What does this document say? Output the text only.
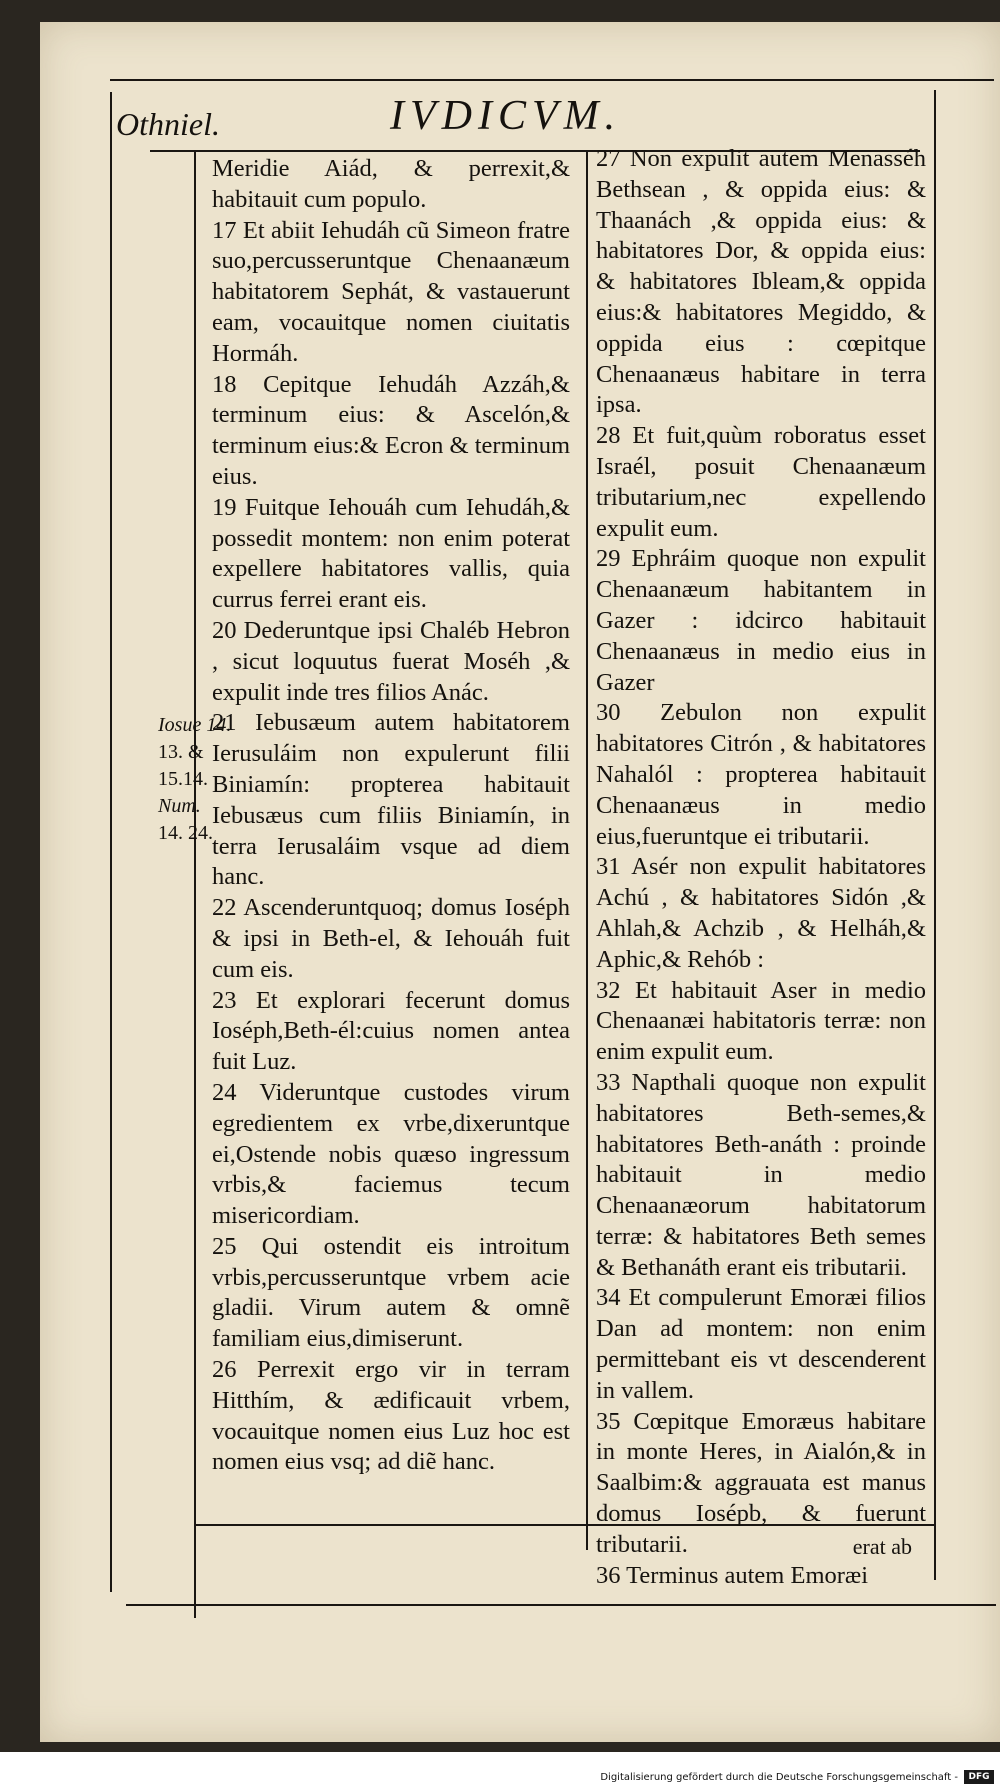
Othniel.	IVDICVM.
Iosue 14.
13. &
15.14.
Num.
14. 24.

Meridie Aiád, & perrexit,& habitauit cum populo.

17 Et abiit Iehudáh cũ Simeon fratre suo,percusseruntque Chenaanæum habitatorem Sephát, & vastauerunt eam, vocauitque nomen ciuitatis Hormáh.

18 Cepitque Iehudáh Azzáh,& terminum eius: & Ascelón,& terminum eius:& Ecron & terminum eius.

19 Fuitque Iehouáh cum Iehudáh,& possedit montem: non enim poterat expellere habitatores vallis, quia currus ferrei erant eis.

20 Dederuntque ipsi Chaléb Hebron , sicut loquutus fuerat Moséh ,& expulit inde tres filios Anác.

21 Iebusæum autem habitatorem Ierusuláim non expulerunt filii Biniamín: propterea habitauit Iebusæus cum filiis Biniamín, in terra Ierusaláim vsque ad diem hanc.

22 Ascenderuntquoq; domus Ioséph & ipsi in Beth-el, & Iehouáh fuit cum eis.

23 Et explorari fecerunt domus Ioséph,Beth-él:cuius nomen antea fuit Luz.

24 Videruntque custodes virum egredientem ex vrbe,dixeruntque ei,Ostende nobis quæso ingressum vrbis,& faciemus tecum misericordiam.

25 Qui ostendit eis introitum vrbis,percusseruntque vrbem acie gladii. Virum autem & omnẽ familiam eius,dimiserunt.

26 Perrexit ergo vir in terram Hitthím, & ædificauit vrbem, vocauitque nomen eius Luz hoc est nomen eius vsq; ad diẽ hanc.

27 Non expulit autem Menasséh Bethsean , & oppida eius: & Thaanách ,& oppida eius: & habitatores Dor, & oppida eius: & habitatores Ibleam,& oppida eius:& habitatores Megiddo, & oppida eius : cœpitque Chenaanæus habitare in terra ipsa.

28 Et fuit,quùm roboratus esset Israél, posuit Chenaanæum tributarium,nec expellendo expulit eum.

29 Ephráim quoque non expulit Chenaanæum habitantem in Gazer : idcirco habitauit Chenaanæus in medio eius in Gazer

30 Zebulon non expulit habitatores Citrón , & habitatores Nahalól : propterea habitauit Chenaanæus in medio eius,fueruntque ei tributarii.

31 Asér non expulit habitatores Achú , & habitatores Sidón ,& Ahlah,& Achzib , & Helháh,& Aphic,& Rehób :

32 Et habitauit Aser in medio Chenaanæi habitatoris terræ: non enim expulit eum.

33 Napthali quoque non expulit habitatores Beth-semes,& habitatores Beth-anáth : proinde habitauit in medio Chenaanæorum habitatorum terræ: & habitatores Beth semes & Bethanáth erant eis tributarii.

34 Et compulerunt Emoræi filios Dan ad montem: non enim permittebant eis vt descenderent in vallem.

35 Cœpitque Emoræus habitare in monte Heres, in Aialón,& in Saalbim:& aggrauata est manus domus Iosépb, & fuerunt tributarii.

36 Terminus autem Emoræi

erat ab
Digitalisierung gefördert durch die Deutsche Forschungsgemeinschaft -	DFG
